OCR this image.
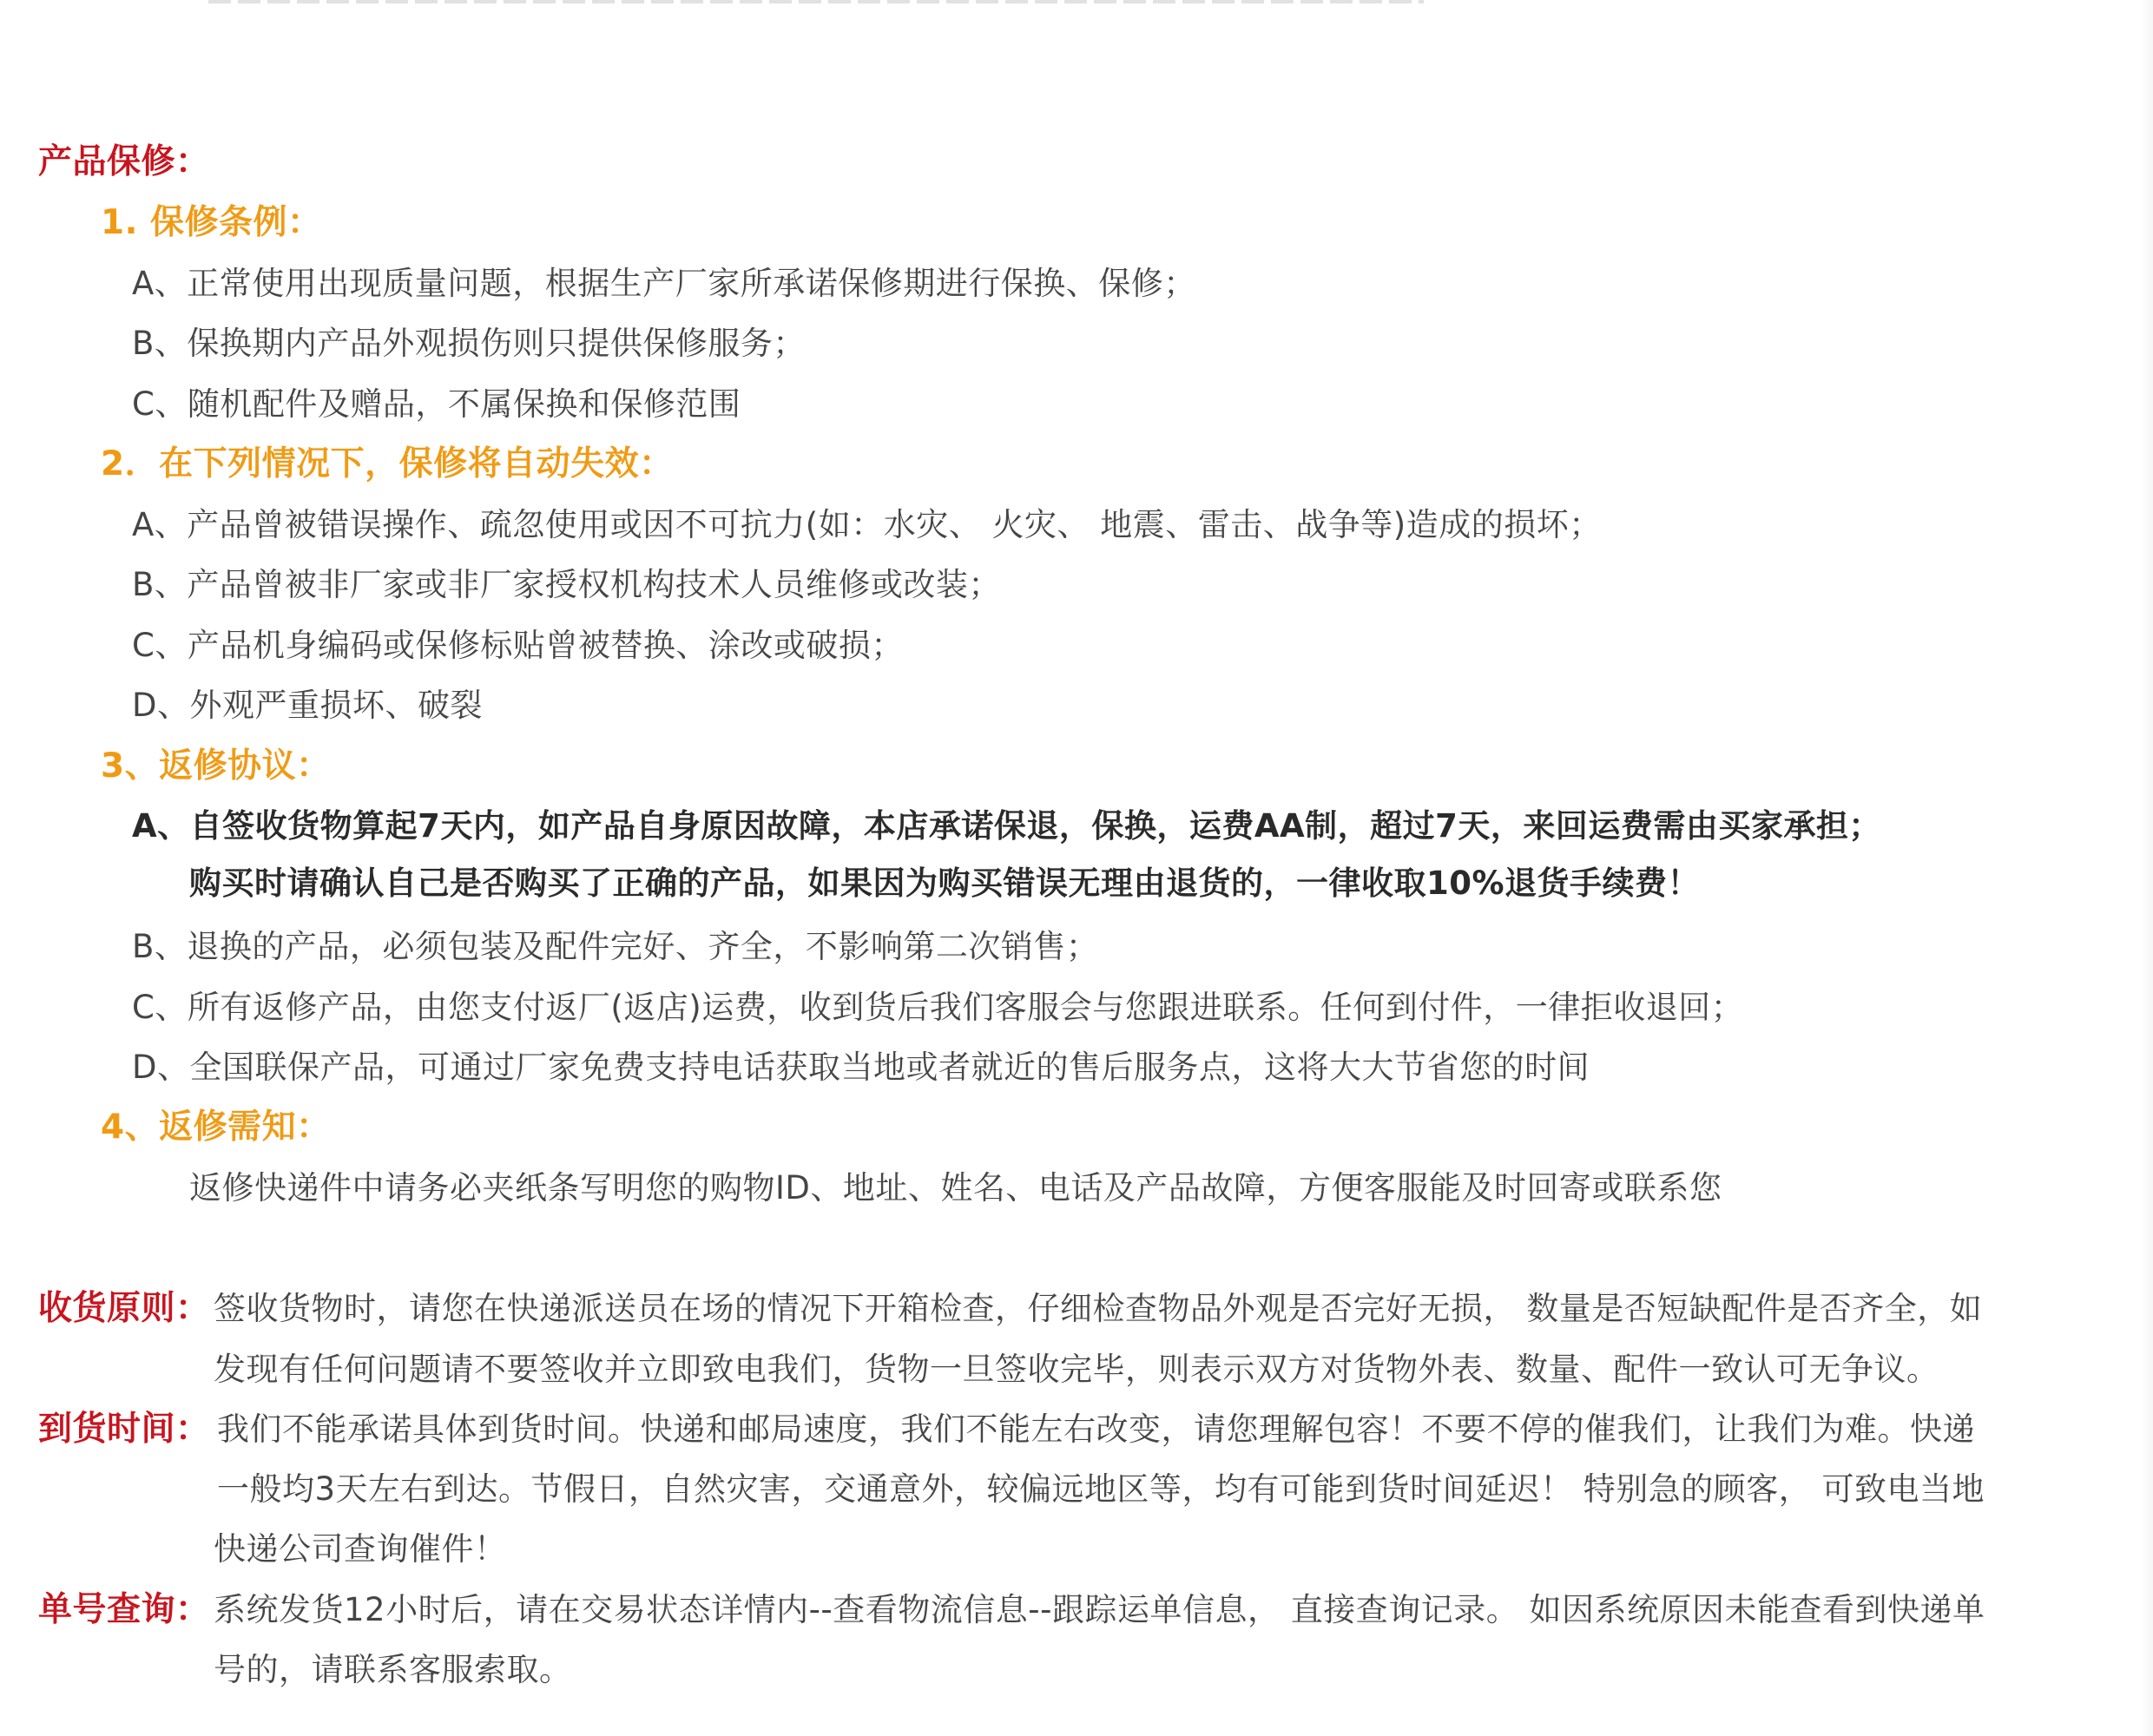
产品保修：
1. 保修条例：
A、正常使用出现质量问题，根据生产厂家所承诺保修期进行保换、保修；
B、保换期内产品外观损伤则只提供保修服务；
C、随机配件及赠品，不属保换和保修范围
2．在下列情况下，保修将自动失效：
A、产品曾被错误操作、疏忽使用或因不可抗力(如：水灾、 火灾、 地震、雷击、战争等)造成的损坏；
B、产品曾被非厂家或非厂家授权机构技术人员维修或改装；
C、产品机身编码或保修标贴曾被替换、涂改或破损；
D、外观严重损坏、破裂
3、返修协议：
A、自签收货物算起7天内，如产品自身原因故障，本店承诺保退，保换，运费AA制，超过7天，来回运费需由买家承担；
购买时请确认自己是否购买了正确的产品，如果因为购买错误无理由退货的，一律收取10%退货手续费！
B、退换的产品，必须包装及配件完好、齐全，不影响第二次销售；
C、所有返修产品，由您支付返厂(返店)运费，收到货后我们客服会与您跟进联系。任何到付件，一律拒收退回；
D、全国联保产品，可通过厂家免费支持电话获取当地或者就近的售后服务点，这将大大节省您的时间
4、返修需知：
返修快递件中请务必夹纸条写明您的购物ID、地址、姓名、电话及产品故障，方便客服能及时回寄或联系您
收货原则： 签收货物时，请您在快递派送员在场的情况下开箱检查，仔细检查物品外观是否完好无损， 数量是否短缺配件是否齐全，如
发现有任何问题请不要签收并立即致电我们，货物一旦签收完毕，则表示双方对货物外表、数量、配件一致认可无争议。
到货时间： 我们不能承诺具体到货时间。快递和邮局速度，我们不能左右改变，请您理解包容！不要不停的催我们，让我们为难。快递
一般均3天左右到达。节假日，自然灾害，交通意外，较偏远地区等，均有可能到货时间延迟！ 特别急的顾客， 可致电当地
快递公司查询催件！
单号查询： 系统发货12小时后，请在交易状态详情内--查看物流信息--跟踪运单信息， 直接查询记录。 如因系统原因未能查看到快递单
号的，请联系客服索取。
